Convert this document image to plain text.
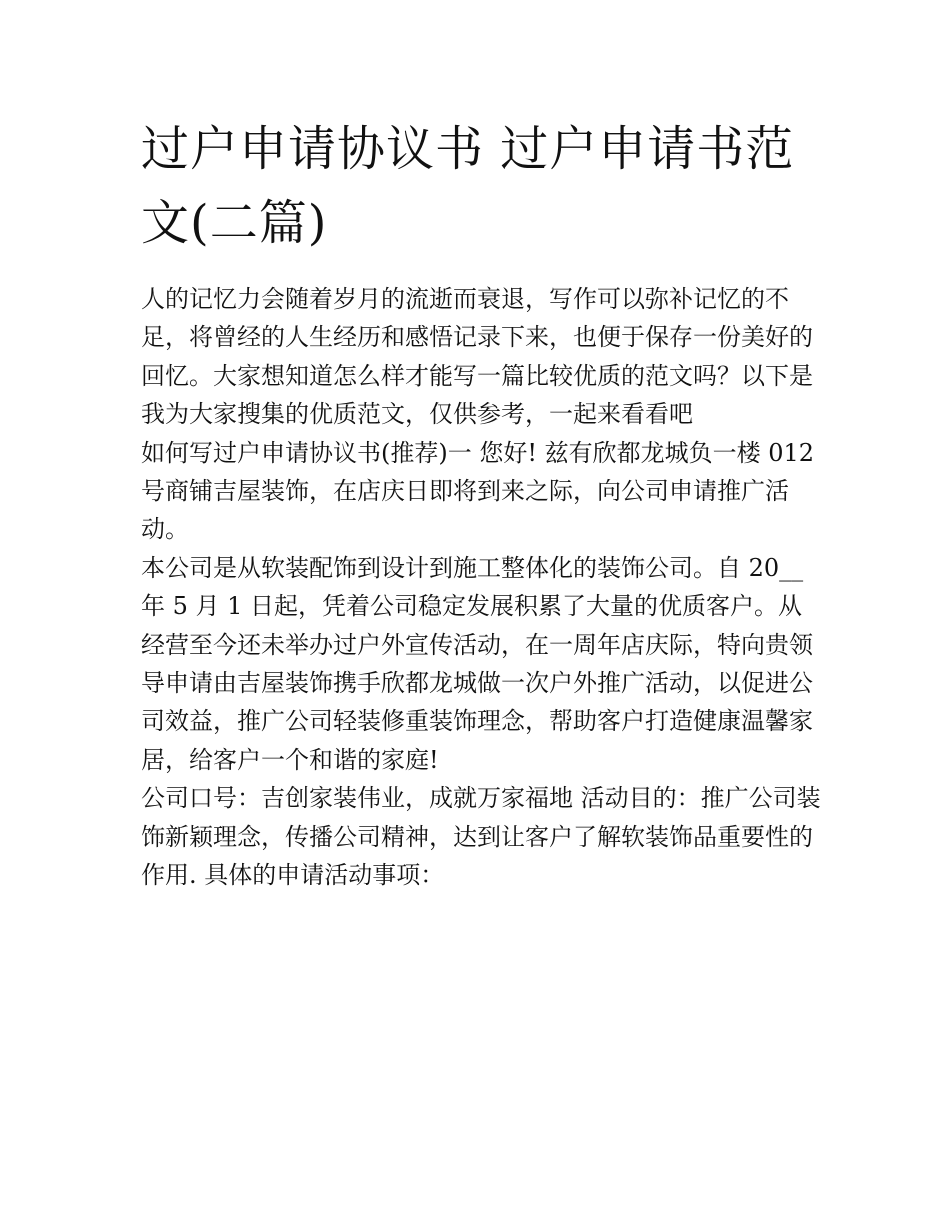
过户申请协议书 过户申请书范文(二篇)

人的记忆力会随着岁月的流逝而衰退，写作可以弥补记忆的不足，将曾经的人生经历和感悟记录下来，也便于保存一份美好的回忆。大家想知道怎么样才能写一篇比较优质的范文吗？以下是我为大家搜集的优质范文，仅供参考，一起来看看吧

如何写过户申请协议书(推荐)一 您好! 兹有欣都龙城负一楼 012 号商铺吉屋装饰，在店庆日即将到来之际，向公司申请推广活动。

本公司是从软装配饰到设计到施工整体化的装饰公司。自 20__ 年 5 月 1 日起，凭着公司稳定发展积累了大量的优质客户。从经营至今还未举办过户外宣传活动，在一周年店庆际，特向贵领导申请由吉屋装饰携手欣都龙城做一次户外推广活动，以促进公司效益，推广公司轻装修重装饰理念，帮助客户打造健康温馨家居，给客户一个和谐的家庭!

公司口号：吉创家装伟业，成就万家福地 活动目的：推广公司装饰新颖理念，传播公司精神，达到让客户了解软装饰品重要性的作用. 具体的申请活动事项：
